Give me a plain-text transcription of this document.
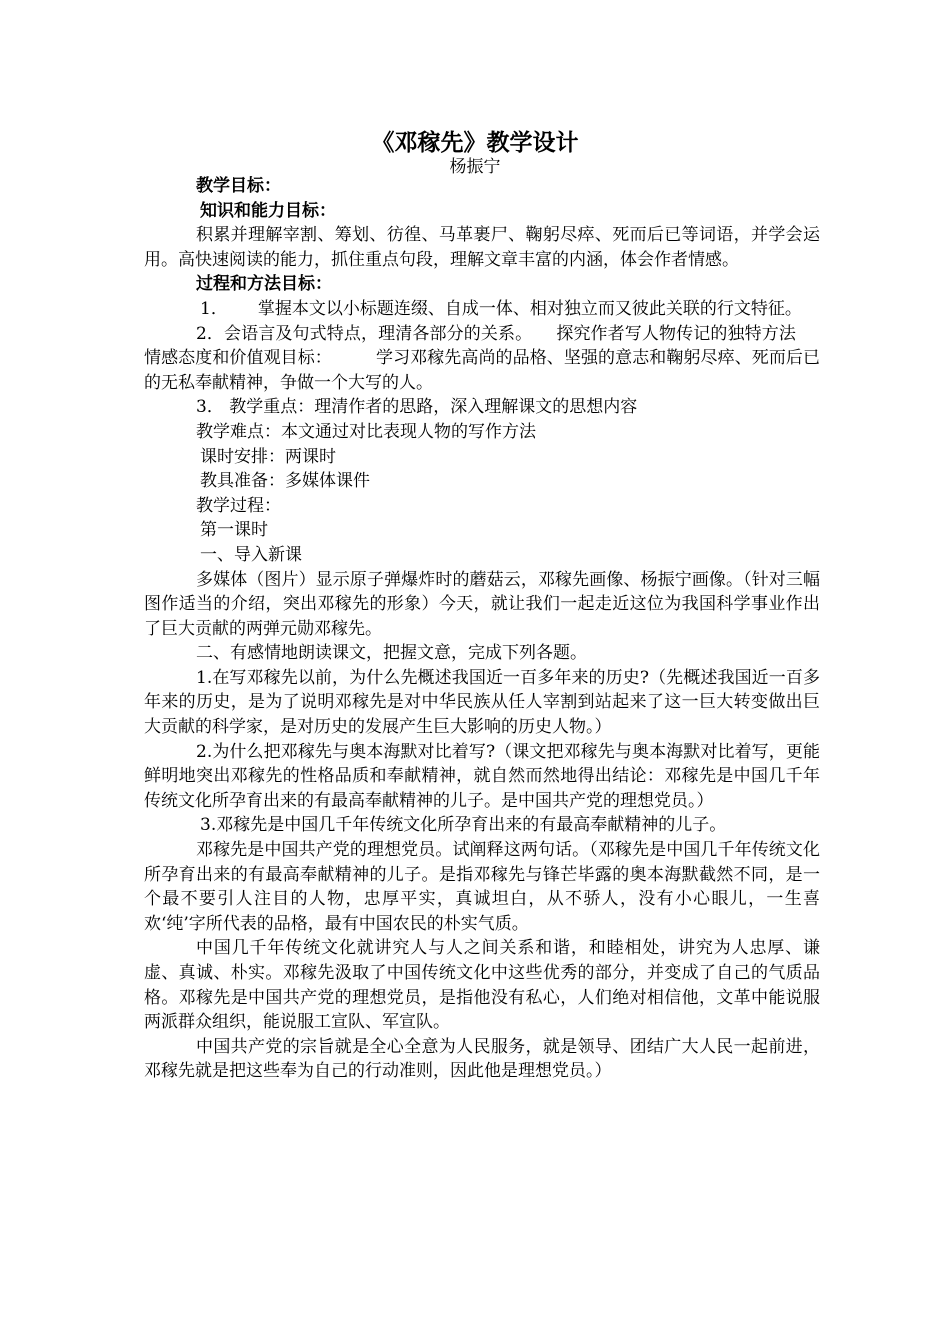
《邓稼先》教学设计
杨振宁

教学目标：

知识和能力目标：

积累并理解宰割、筹划、彷徨、马革裹尸、鞠躬尽瘁、死而后已等词语，并学会运用。高快速阅读的能力，抓住重点句段，理解文章丰富的内涵，体会作者情感。

过程和方法目标：

1． 掌握本文以小标题连缀、自成一体、相对独立而又彼此关联的行文特征。

2．会语言及句式特点，理清各部分的关系。 探究作者写人物传记的独特方法情感态度和价值观目标：	学习邓稼先高尚的品格、坚强的意志和鞠躬尽瘁、死而后已的无私奉献精神，争做一个大写的人。

3． 教学重点：理清作者的思路，深入理解课文的思想内容

教学难点：本文通过对比表现人物的写作方法

课时安排：两课时

教具准备：多媒体课件

教学过程：

第一课时

一、导入新课

多媒体（图片）显示原子弹爆炸时的蘑菇云，邓稼先画像、杨振宁画像。（针对三幅图作适当的介绍，突出邓稼先的形象）今天，就让我们一起走近这位为我国科学事业作出了巨大贡献的两弹元勋邓稼先。

二、有感情地朗读课文，把握文意，完成下列各题。

1.在写邓稼先以前，为什么先概述我国近一百多年来的历史?（先概述我国近一百多年来的历史，是为了说明邓稼先是对中华民族从任人宰割到站起来了这一巨大转变做出巨大贡献的科学家，是对历史的发展产生巨大影响的历史人物。）

2.为什么把邓稼先与奥本海默对比着写?（课文把邓稼先与奥本海默对比着写，更能鲜明地突出邓稼先的性格品质和奉献精神，就自然而然地得出结论：邓稼先是中国几千年传统文化所孕育出来的有最高奉献精神的儿子。是中国共产党的理想党员。）

3.邓稼先是中国几千年传统文化所孕育出来的有最高奉献精神的儿子。

邓稼先是中国共产党的理想党员。试阐释这两句话。（邓稼先是中国几千年传统文化所孕育出来的有最高奉献精神的儿子。是指邓稼先与锋芒毕露的奥本海默截然不同，是一个最不要引人注目的人物，忠厚平实，真诚坦白，从不骄人，没有小心眼儿，一生喜欢‘纯’字所代表的品格，最有中国农民的朴实气质。

中国几千年传统文化就讲究人与人之间关系和谐，和睦相处，讲究为人忠厚、谦虚、真诚、朴实。邓稼先汲取了中国传统文化中这些优秀的部分，并变成了自己的气质品格。邓稼先是中国共产党的理想党员，是指他没有私心，人们绝对相信他，文革中能说服两派群众组织，能说服工宣队、军宣队。

中国共产党的宗旨就是全心全意为人民服务，就是领导、团结广大人民一起前进，邓稼先就是把这些奉为自己的行动准则，因此他是理想党员。）
